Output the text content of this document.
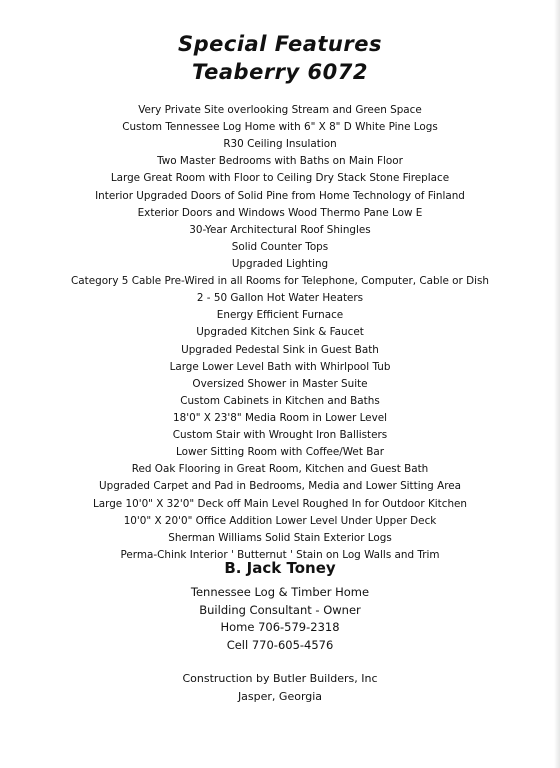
Special Features
Teaberry 6072
Very Private Site overlooking Stream and Green Space
Custom Tennessee Log Home with 6" X 8" D White Pine Logs
R30 Ceiling Insulation
Two Master Bedrooms with Baths on Main Floor
Large Great Room with Floor to Ceiling Dry Stack Stone Fireplace
Interior Upgraded Doors of Solid Pine from Home Technology of Finland
Exterior Doors and Windows Wood Thermo Pane Low E
30-Year Architectural Roof Shingles
Solid Counter Tops
Upgraded Lighting
Category 5 Cable Pre-Wired in all Rooms for Telephone, Computer, Cable or Dish
2 - 50 Gallon Hot Water Heaters
Energy Efficient Furnace
Upgraded Kitchen Sink & Faucet
Upgraded Pedestal Sink in Guest Bath
Large Lower Level Bath with Whirlpool Tub
Oversized Shower in Master Suite
Custom Cabinets in Kitchen and Baths
18'0" X 23'8" Media Room in Lower Level
Custom Stair with Wrought Iron Ballisters
Lower Sitting Room with Coffee/Wet Bar
Red Oak Flooring in Great Room, Kitchen and Guest Bath
Upgraded Carpet and Pad in Bedrooms, Media and Lower Sitting Area
Large 10'0" X 32'0" Deck off Main Level Roughed In for Outdoor Kitchen
10'0" X 20'0" Office Addition Lower Level Under Upper Deck
Sherman Williams Solid Stain Exterior Logs
Perma-Chink Interior ' Butternut ' Stain on Log Walls and Trim
B. Jack Toney
Tennessee Log & Timber Home
Building Consultant - Owner
Home 706-579-2318
Cell 770-605-4576
Construction by Butler Builders, Inc
Jasper, Georgia
